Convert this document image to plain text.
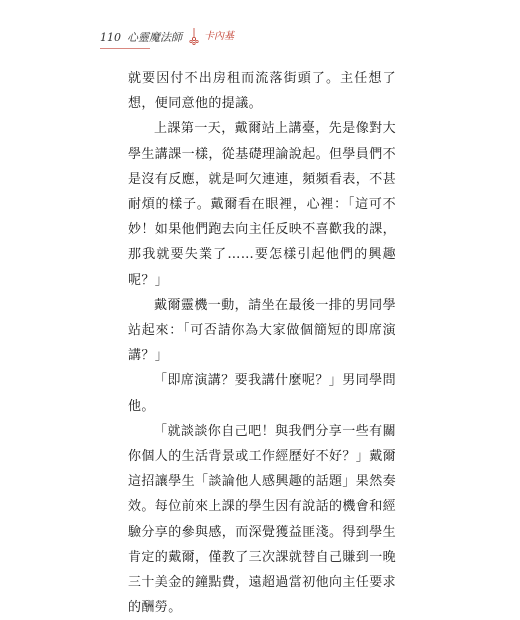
110 心靈魔法師 卡內基

就要因付不出房租而流落街頭了。主任想了想，便同意他的提議。

上課第一天，戴爾站上講臺，先是像對大學生講課一樣，從基礎理論說起。但學員們不是沒有反應，就是呵欠連連，頻頻看表，不甚耐煩的樣子。戴爾看在眼裡，心裡：「這可不妙！如果他們跑去向主任反映不喜歡我的課，那我就要失業了……要怎樣引起他們的興趣呢？」

戴爾靈機一動，請坐在最後一排的男同學站起來：「可否請你為大家做個簡短的即席演講？」

「即席演講？要我講什麼呢？」男同學問他。

「就談談你自己吧！與我們分享一些有關你個人的生活背景或工作經歷好不好？」戴爾這招讓學生「談論他人感興趣的話題」果然奏效。每位前來上課的學生因有說話的機會和經驗分享的參與感，而深覺獲益匪淺。得到學生肯定的戴爾，僅教了三次課就替自己賺到一晚三十美金的鐘點費，遠超過當初他向主任要求的酬勞。
